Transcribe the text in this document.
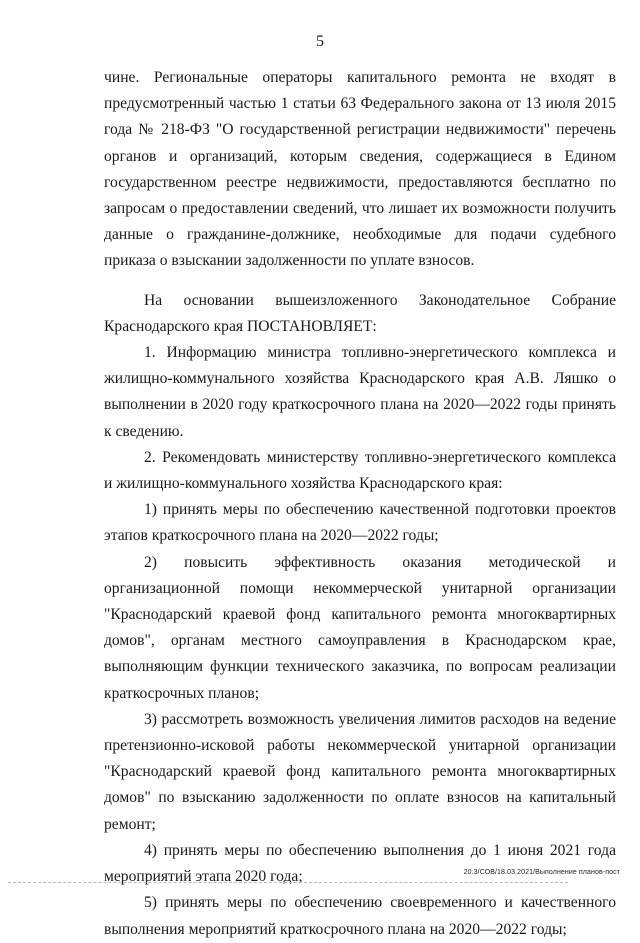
5

чине. Региональные операторы капитального ремонта не входят в предусмотренный частью 1 статьи 63 Федерального закона от 13 июля 2015 года № 218-ФЗ "О государственной регистрации недвижимости" перечень органов и организаций, которым сведения, содержащиеся в Едином государственном реестре недвижимости, предоставляются бесплатно по запросам о предоставлении сведений, что лишает их возможности получить данные о гражданине-должнике, необходимые для подачи судебного приказа о взыскании задолженности по уплате взносов.

На основании вышеизложенного Законодательное Собрание Краснодарского края ПОСТАНОВЛЯЕТ:

1. Информацию министра топливно-энергетического комплекса и жилищно-коммунального хозяйства Краснодарского края А.В. Ляшко о выполнении в 2020 году краткосрочного плана на 2020—2022 годы принять к сведению.

2. Рекомендовать министерству топливно-энергетического комплекса и жилищно-коммунального хозяйства Краснодарского края:

1) принять меры по обеспечению качественной подготовки проектов этапов краткосрочного плана на 2020—2022 годы;

2) повысить эффективность оказания методической и организационной помощи некоммерческой унитарной организации "Краснодарский краевой фонд капитального ремонта многоквартирных домов", органам местного самоуправления в Краснодарском крае, выполняющим функции технического заказчика, по вопросам реализации краткосрочных планов;

3) рассмотреть возможность увеличения лимитов расходов на ведение претензионно-исковой работы некоммерческой унитарной организации "Краснодарский краевой фонд капитального ремонта многоквартирных домов" по взысканию задолженности по оплате взносов на капитальный ремонт;

4) принять меры по обеспечению выполнения до 1 июня 2021 года мероприятий этапа 2020 года;

5) принять меры по обеспечению своевременного и качественного выполнения мероприятий краткосрочного плана на 2020—2022 годы;

20.3/СОВ/18.03.2021/Выполнение планов-пост
